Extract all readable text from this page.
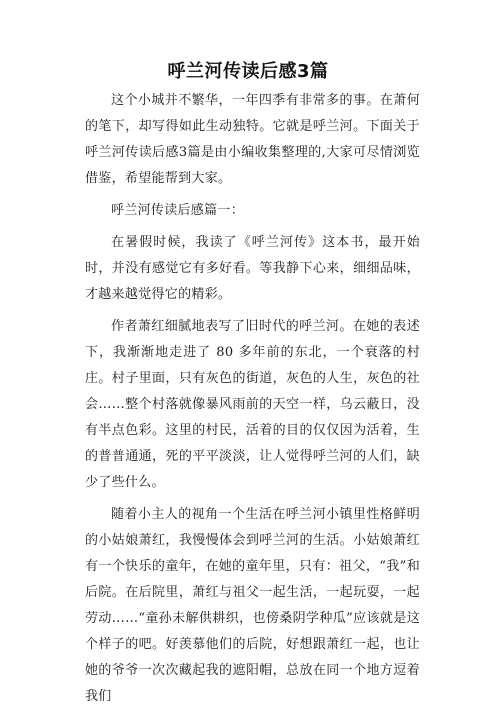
呼兰河传读后感3篇

这个小城并不繁华，一年四季有非常多的事。在萧何的笔下，却写得如此生动独特。它就是呼兰河。下面关于呼兰河传读后感3篇是由小编收集整理的,大家可尽情浏览借鉴，希望能帮到大家。

呼兰河传读后感篇一：

在暑假时候，我读了《呼兰河传》这本书，最开始时，并没有感觉它有多好看。等我静下心来，细细品味，才越来越觉得它的精彩。

作者萧红细腻地表写了旧时代的呼兰河。在她的表述下，我渐渐地走进了 80 多年前的东北，一个衰落的村庄。村子里面，只有灰色的街道，灰色的人生，灰色的社会……整个村落就像暴风雨前的天空一样，乌云蔽日，没有半点色彩。这里的村民，活着的目的仅仅因为活着，生的普普通通，死的平平淡淡，让人觉得呼兰河的人们，缺少了些什么。

随着小主人的视角一个生活在呼兰河小镇里性格鲜明的小姑娘萧红，我慢慢体会到呼兰河的生活。小姑娘萧红有一个快乐的童年，在她的童年里，只有：祖父，“我”和后院。在后院里，萧红与祖父一起生活，一起玩耍，一起劳动……“童孙未解供耕织，也傍桑阴学种瓜”应该就是这个样子的吧。好羡慕他们的后院，好想跟萧红一起，也让她的爷爷一次次藏起我的遮阳帽，总放在同一个地方逗着我们
